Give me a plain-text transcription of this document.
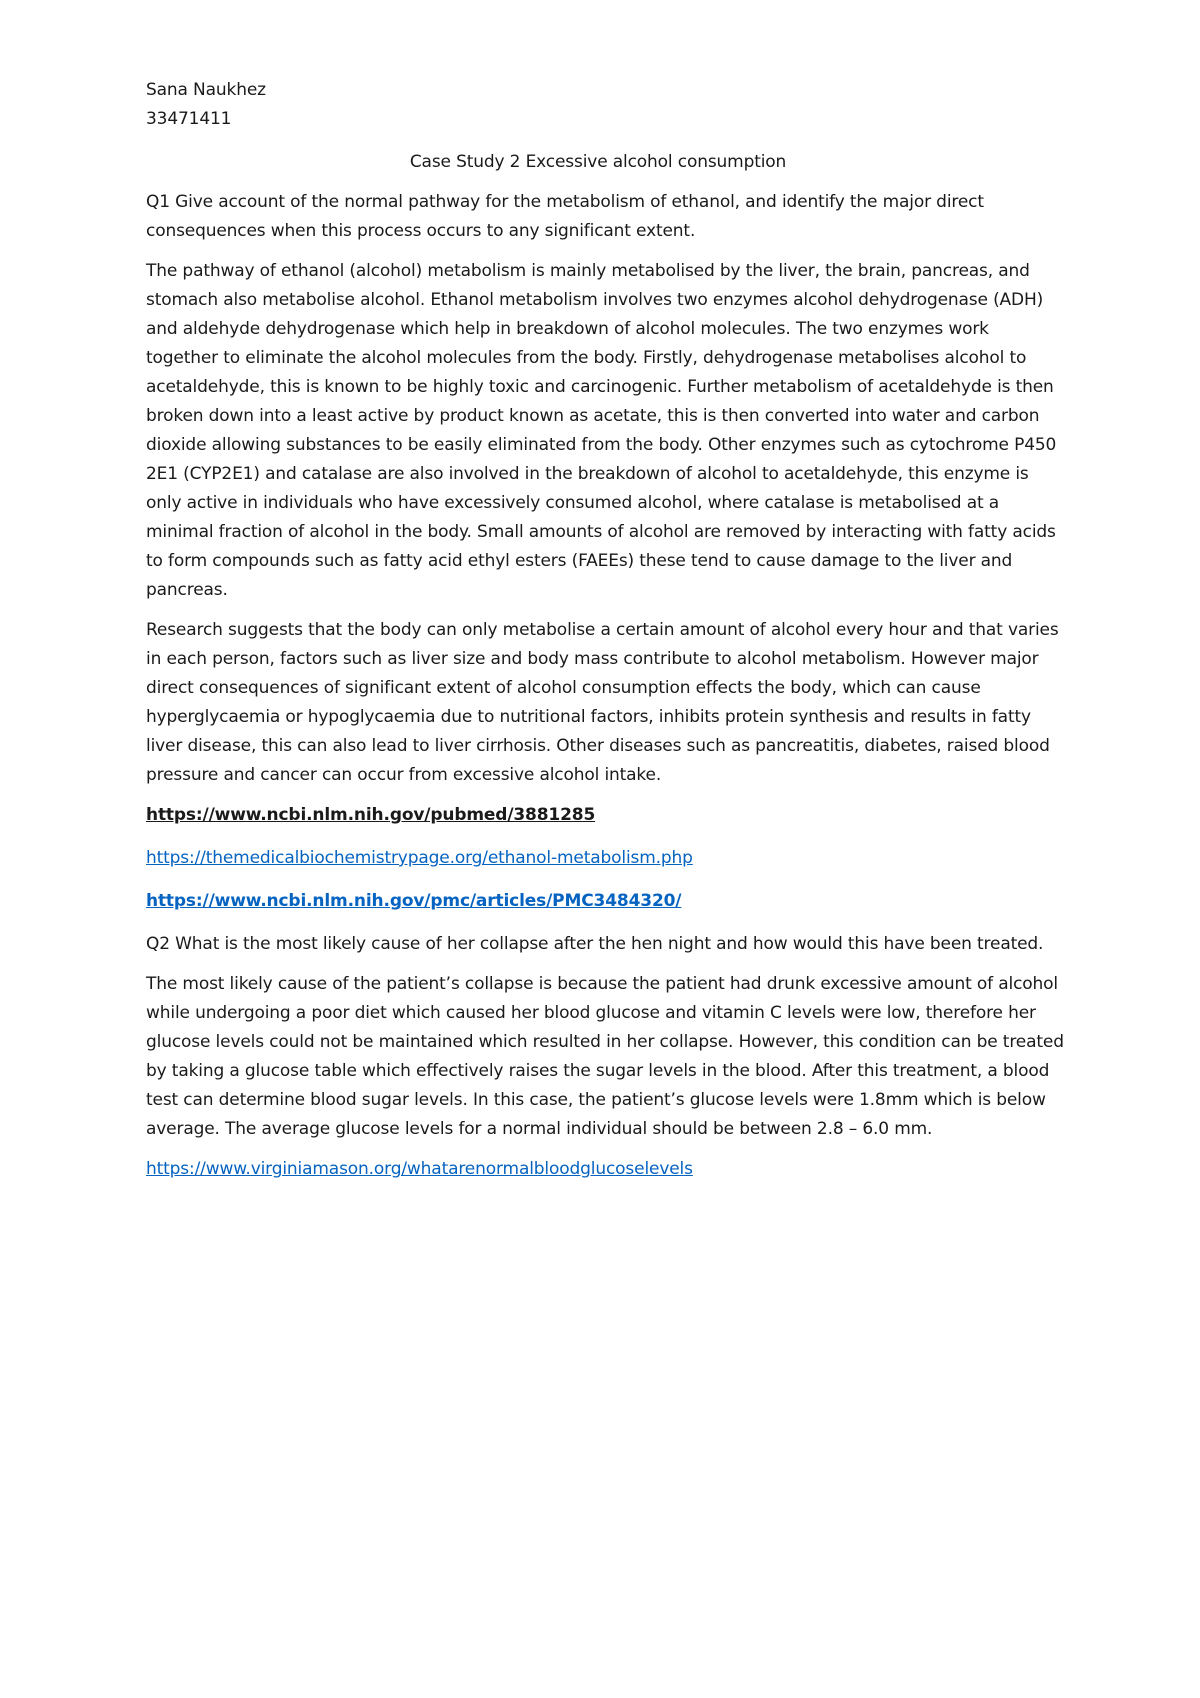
Sana Naukhez
33471411
Case Study 2 Excessive alcohol consumption

Q1 Give account of the normal pathway for the metabolism of ethanol, and identify the major direct consequences when this process occurs to any significant extent.

The pathway of ethanol (alcohol) metabolism is mainly metabolised by the liver, the brain, pancreas, and stomach also metabolise alcohol. Ethanol metabolism involves two enzymes alcohol dehydrogenase (ADH) and aldehyde dehydrogenase which help in breakdown of alcohol molecules. The two enzymes work together to eliminate the alcohol molecules from the body. Firstly, dehydrogenase metabolises alcohol to acetaldehyde, this is known to be highly toxic and carcinogenic. Further metabolism of acetaldehyde is then broken down into a least active by product known as acetate, this is then converted into water and carbon dioxide allowing substances to be easily eliminated from the body. Other enzymes such as cytochrome P450 2E1 (CYP2E1) and catalase are also involved in the breakdown of alcohol to acetaldehyde, this enzyme is only active in individuals who have excessively consumed alcohol, where catalase is metabolised at a minimal fraction of alcohol in the body. Small amounts of alcohol are removed by interacting with fatty acids to form compounds such as fatty acid ethyl esters (FAEEs) these tend to cause damage to the liver and pancreas.

Research suggests that the body can only metabolise a certain amount of alcohol every hour and that varies in each person, factors such as liver size and body mass contribute to alcohol metabolism. However major direct consequences of significant extent of alcohol consumption effects the body, which can cause hyperglycaemia or hypoglycaemia due to nutritional factors, inhibits protein synthesis and results in fatty liver disease, this can also lead to liver cirrhosis. Other diseases such as pancreatitis, diabetes, raised blood pressure and cancer can occur from excessive alcohol intake.

https://www.ncbi.nlm.nih.gov/pubmed/3881285
https://themedicalbiochemistrypage.org/ethanol-metabolism.php
https://www.ncbi.nlm.nih.gov/pmc/articles/PMC3484320/

Q2 What is the most likely cause of her collapse after the hen night and how would this have been treated.

The most likely cause of the patient’s collapse is because the patient had drunk excessive amount of alcohol while undergoing a poor diet which caused her blood glucose and vitamin C levels were low, therefore her glucose levels could not be maintained which resulted in her collapse. However, this condition can be treated by taking a glucose table which effectively raises the sugar levels in the blood. After this treatment, a blood test can determine blood sugar levels. In this case, the patient’s glucose levels were 1.8mm which is below average. The average glucose levels for a normal individual should be between 2.8 – 6.0 mm.

https://www.virginiamason.org/whatarenormalbloodglucoselevels
